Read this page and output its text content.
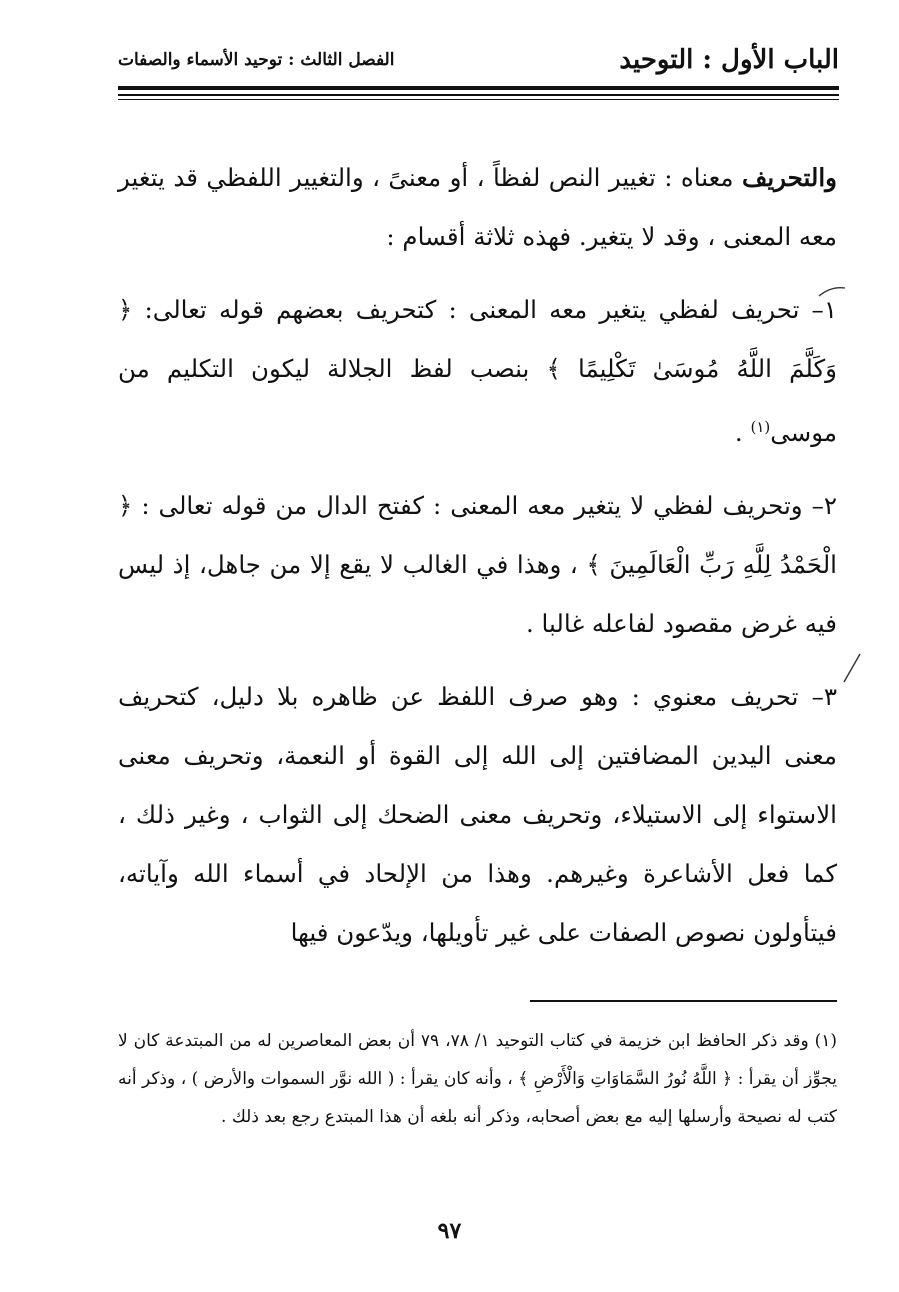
الباب الأول : التوحيد
الفصل الثالث : توحيد الأسماء والصفات

والتحريف معناه : تغيير النص لفظاً ، أو معنىً ، والتغيير اللفظي قد يتغير معه المعنى ، وقد لا يتغير. فهذه ثلاثة أقسام :

١– تحريف لفظي يتغير معه المعنى : كتحريف بعضهم قوله تعالى: ﴿ وَكَلَّمَ اللَّهُ مُوسَىٰ تَكْلِيمًا ﴾ بنصب لفظ الجلالة ليكون التكليم من موسى$^{(١)}$ .

٢– وتحريف لفظي لا يتغير معه المعنى : كفتح الدال من قوله تعالى : ﴿ الْحَمْدُ لِلَّهِ رَبِّ الْعَالَمِينَ ﴾ ، وهذا في الغالب لا يقع إلا من جاهل، إذ ليس فيه غرض مقصود لفاعله غالبا .

٣– تحريف معنوي : وهو صرف اللفظ عن ظاهره بلا دليل، كتحريف معنى اليدين المضافتين إلى الله إلى القوة أو النعمة، وتحريف معنى الاستواء إلى الاستيلاء، وتحريف معنى الضحك إلى الثواب ، وغير ذلك ، كما فعل الأشاعرة وغيرهم. وهذا من الإلحاد في أسماء الله وآياته، فيتأولون نصوص الصفات على غير تأويلها، ويدّعون فيها

(١) وقد ذكر الحافظ ابن خزيمة في كتاب التوحيد ١/ ٧٨، ٧٩ أن بعض المعاصرين له من المبتدعة كان لا يجوِّز أن يقرأ : ﴿ اللَّهُ نُورُ السَّمَاوَاتِ وَالْأَرْضِ ﴾ ، وأنه كان يقرأ : ( الله نوَّر السموات والأرض ) ، وذكر أنه كتب له نصيحة وأرسلها إليه مع بعض أصحابه، وذكر أنه بلغه أن هذا المبتدع رجع بعد ذلك .

٩٧
